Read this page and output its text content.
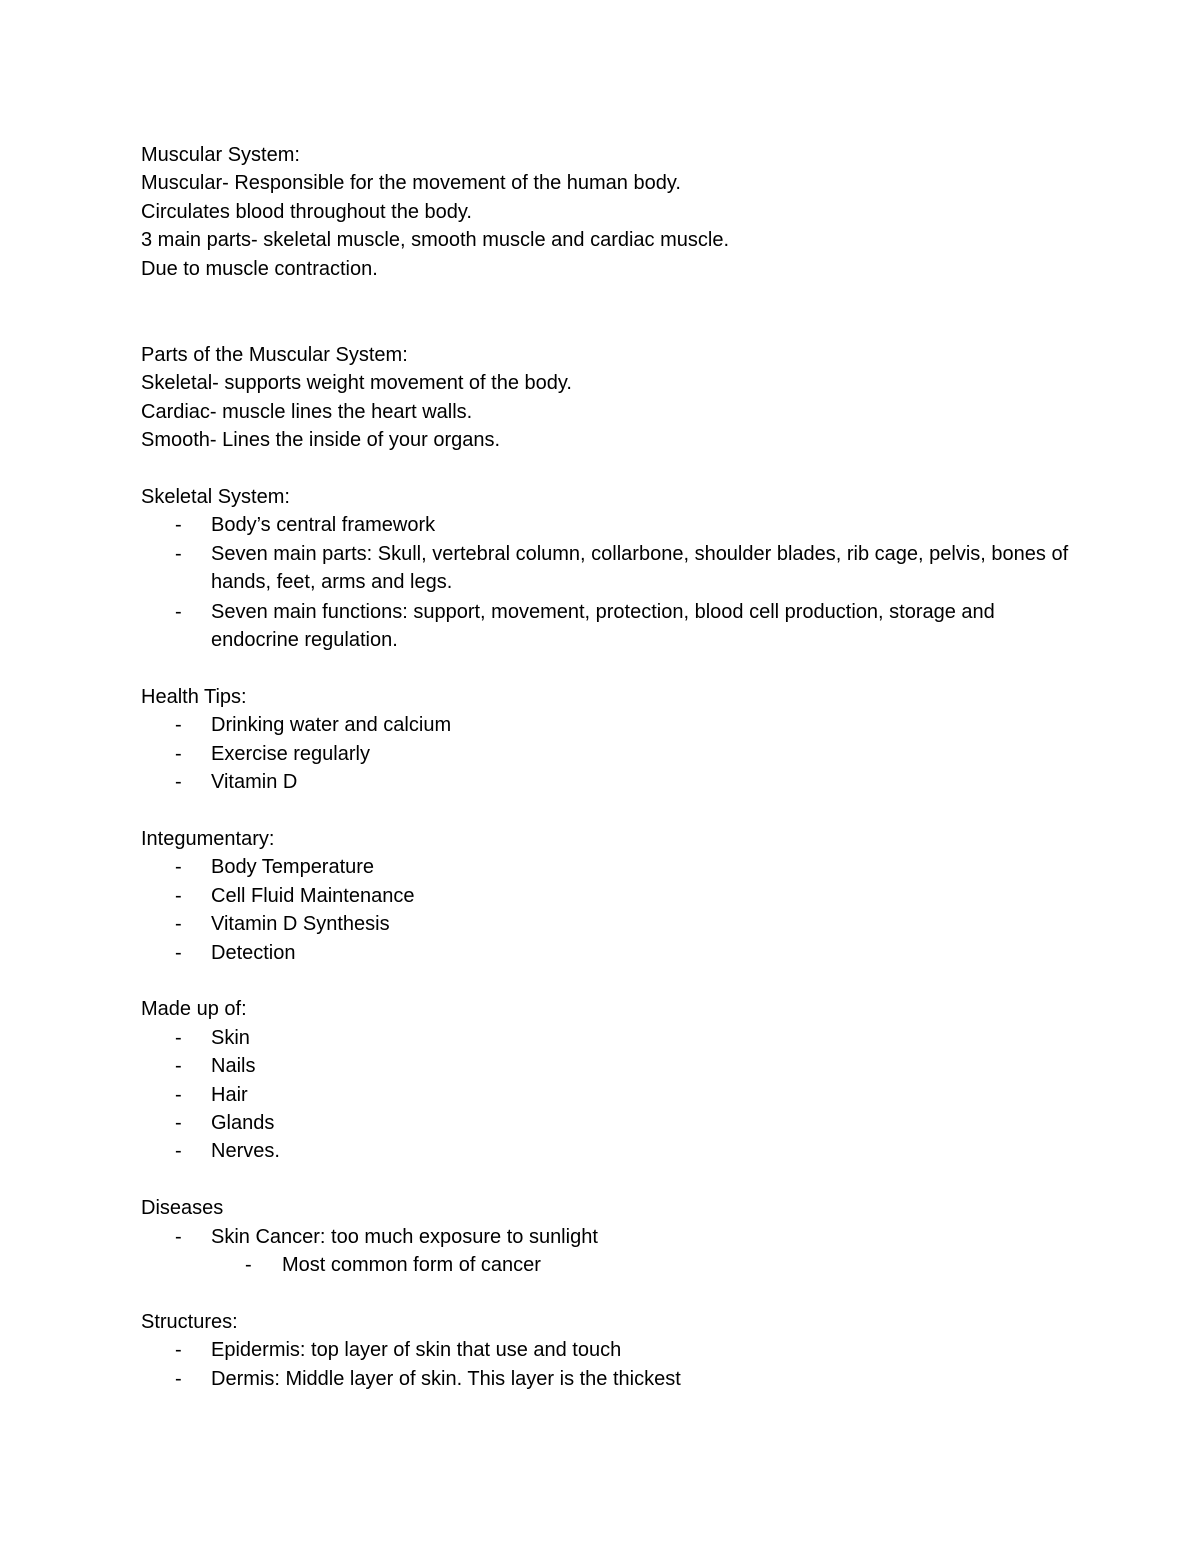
Muscular System:
Muscular- Responsible for the movement of the human body.
Circulates blood throughout the body.
3 main parts- skeletal muscle, smooth muscle and cardiac muscle.
Due to muscle contraction.
Parts of the Muscular System:
Skeletal- supports weight movement of the body.
Cardiac- muscle lines the heart walls.
Smooth- Lines the inside of your organs.
Skeletal System:
- Body’s central framework
- Seven main parts: Skull, vertebral column, collarbone, shoulder blades, rib cage, pelvis, bones of hands, feet, arms and legs.
- Seven main functions: support, movement, protection, blood cell production, storage and endocrine regulation.
Health Tips:
- Drinking water and calcium
- Exercise regularly
- Vitamin D
Integumentary:
- Body Temperature
- Cell Fluid Maintenance
- Vitamin D Synthesis
- Detection
Made up of:
- Skin
- Nails
- Hair
- Glands
- Nerves.
Diseases
- Skin Cancer: too much exposure to sunlight
- Most common form of cancer
Structures:
- Epidermis: top layer of skin that use and touch
- Dermis: Middle layer of skin. This layer is the thickest
